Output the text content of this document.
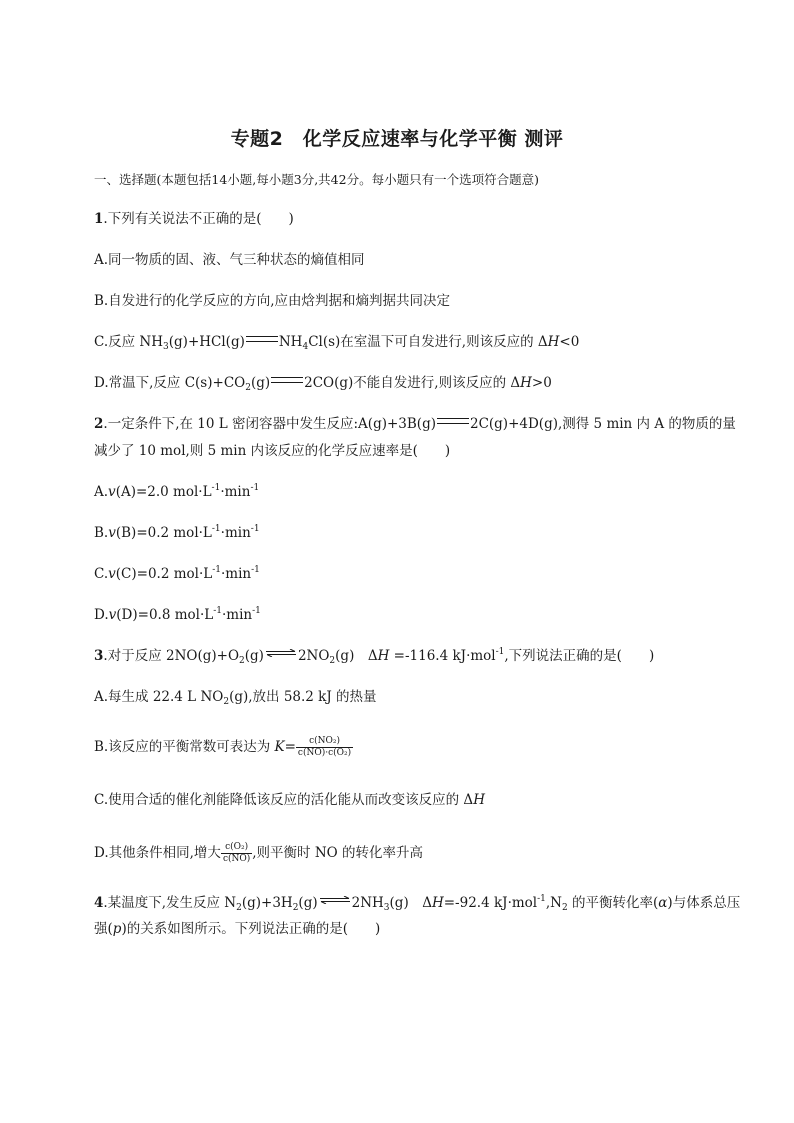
专题2　化学反应速率与化学平衡 测评
一、选择题(本题包括14小题,每小题3分,共42分。每小题只有一个选项符合题意)
1.下列有关说法不正确的是(　　)
A.同一物质的固、液、气三种状态的熵值相同
B.自发进行的化学反应的方向,应由焓判据和熵判据共同决定
C.反应 $NH_3(g)+HCl(g)$	$NH_4Cl(s)$在室温下可自发进行,则该反应的 ΔH<0
D.常温下,反应 $C(s)+CO_2(g)$	2CO(g)不能自发进行,则该反应的 ΔH>0
2.一定条件下,在 10 L 密闭容器中发生反应:A(g)+3B(g)	2C(g)+4D(g),测得 5 min 内 A 的物质的量
减少了 10 mol,则 5 min 内该反应的化学反应速率是(　　)
A.v(A)=2.0 $mol\cdot L^{-1}\cdot\min^{-1}$
B.v(B)=0.2 $mol\cdot L^{-1}\cdot\min^{-1}$
C.v(C)=0.2 $mol\cdot L^{-1}\cdot\min^{-1}$
D.v(D)=0.8 $mol\cdot L^{-1}\cdot\min^{-1}$
3.对于反应 $2NO(g)+O_2(g)$ ⇌ $2NO_2(g)$　ΔH =-116.4 kJ·mol$^{-1}$,下列说法正确的是(　　)
A.每生成 22.4 L $NO_2(g)$,放出 58.2 kJ 的热量
B.该反应的平衡常数可表达为 $K= \frac{\text{c(NO₂)}}{\text{c(NO)·c(O₂)}}$
C.使用合适的催化剂能降低该反应的活化能从而改变该反应的 ΔH
D.其他条件相同,增大 $\frac{\text{c(O₂)}}{c(NO)}$ ,则平衡时 NO 的转化率升高
4.某温度下,发生反应 $N_2(g)+3H_2(g)$ ⇌ $2NH_3(g)$　ΔH=-92.4 $kJ\cdot mol^{-1},N_2$ 的平衡转化率(α)与体系总压
强(p)的关系如图所示。下列说法正确的是(　　)
